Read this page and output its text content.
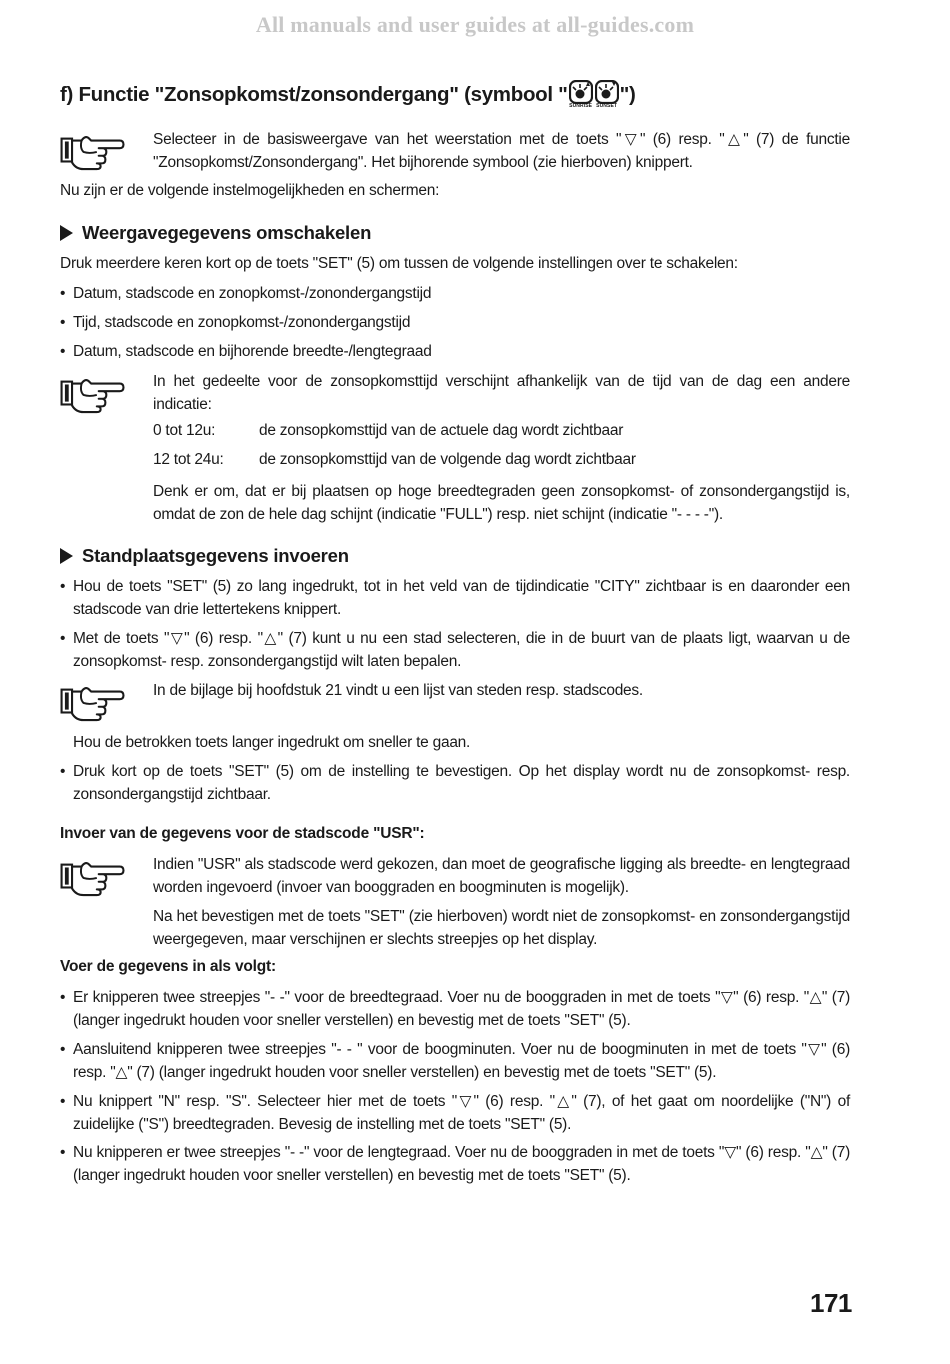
All manuals and user guides at all-guides.com
f) Functie "Zonsopkomst/zonsondergang" (symbool "
SUNRISE SUNSET
")
Selecteer in de basisweergave van het weerstation met de toets "▽" (6) resp. "△" (7) de functie "Zonsopkomst/Zonsondergang". Het bijhorende symbool (zie hierboven) knippert.
Nu zijn er de volgende instelmogelijkheden en schermen:
Weergavegegevens omschakelen
Druk meerdere keren kort op de toets "SET" (5) om tussen de volgende instellingen over te schakelen:
• Datum, stadscode en zonopkomst-/zonondergangstijd
• Tijd, stadscode en zonopkomst-/zonondergangstijd
• Datum, stadscode en bijhorende breedte-/lengtegraad
In het gedeelte voor de zonsopkomsttijd verschijnt afhankelijk van de tijd van de dag een andere indicatie:
0 tot 12u:	de zonsopkomsttijd van de actuele dag wordt zichtbaar
12 tot 24u: de zonsopkomsttijd van de volgende dag wordt zichtbaar
Denk er om, dat er bij plaatsen op hoge breedtegraden geen zonsopkomst- of zonsondergangstijd is, omdat de zon de hele dag schijnt (indicatie "FULL") resp. niet schijnt (indicatie "- - - -").
Standplaatsgegevens invoeren
• Hou de toets "SET" (5) zo lang ingedrukt, tot in het veld van de tijdindicatie "CITY" zichtbaar is en daaronder een stadscode van drie lettertekens knippert.
• Met de toets "▽" (6) resp. "△" (7) kunt u nu een stad selecteren, die in de buurt van de plaats ligt, waarvan u de zonsopkomst- resp. zonsondergangstijd wilt laten bepalen.
In de bijlage bij hoofdstuk 21 vindt u een lijst van steden resp. stadscodes.
Hou de betrokken toets langer ingedrukt om sneller te gaan.
• Druk kort op de toets "SET" (5) om de instelling te bevestigen. Op het display wordt nu de zonsopkomst- resp. zonsondergangstijd zichtbaar.
Invoer van de gegevens voor de stadscode "USR":
Indien "USR" als stadscode werd gekozen, dan moet de geografische ligging als breedte- en lengtegraad worden ingevoerd (invoer van booggraden en boogminuten is mogelijk).
Na het bevestigen met de toets "SET" (zie hierboven) wordt niet de zonsopkomst- en zonsondergangstijd weergegeven, maar verschijnen er slechts streepjes op het display.
Voer de gegevens in als volgt:
• Er knipperen twee streepjes "- -" voor de breedtegraad. Voer nu de booggraden in met de toets "▽" (6) resp. "△" (7) (langer ingedrukt houden voor sneller verstellen) en bevestig met de toets "SET" (5).
• Aansluitend knipperen twee streepjes "- - " voor de boogminuten. Voer nu de boogminuten in met de toets "▽" (6) resp. "△" (7) (langer ingedrukt houden voor sneller verstellen) en bevestig met de toets "SET" (5).
• Nu knippert "N" resp. "S". Selecteer hier met de toets "▽" (6) resp. "△" (7), of het gaat om noordelijke ("N") of zuidelijke ("S") breedtegraden. Bevesig de instelling met de toets "SET" (5).
• Nu knipperen er twee streepjes "- -" voor de lengtegraad. Voer nu de booggraden in met de toets "▽" (6) resp. "△" (7) (langer ingedrukt houden voor sneller verstellen) en bevestig met de toets "SET" (5).
171
